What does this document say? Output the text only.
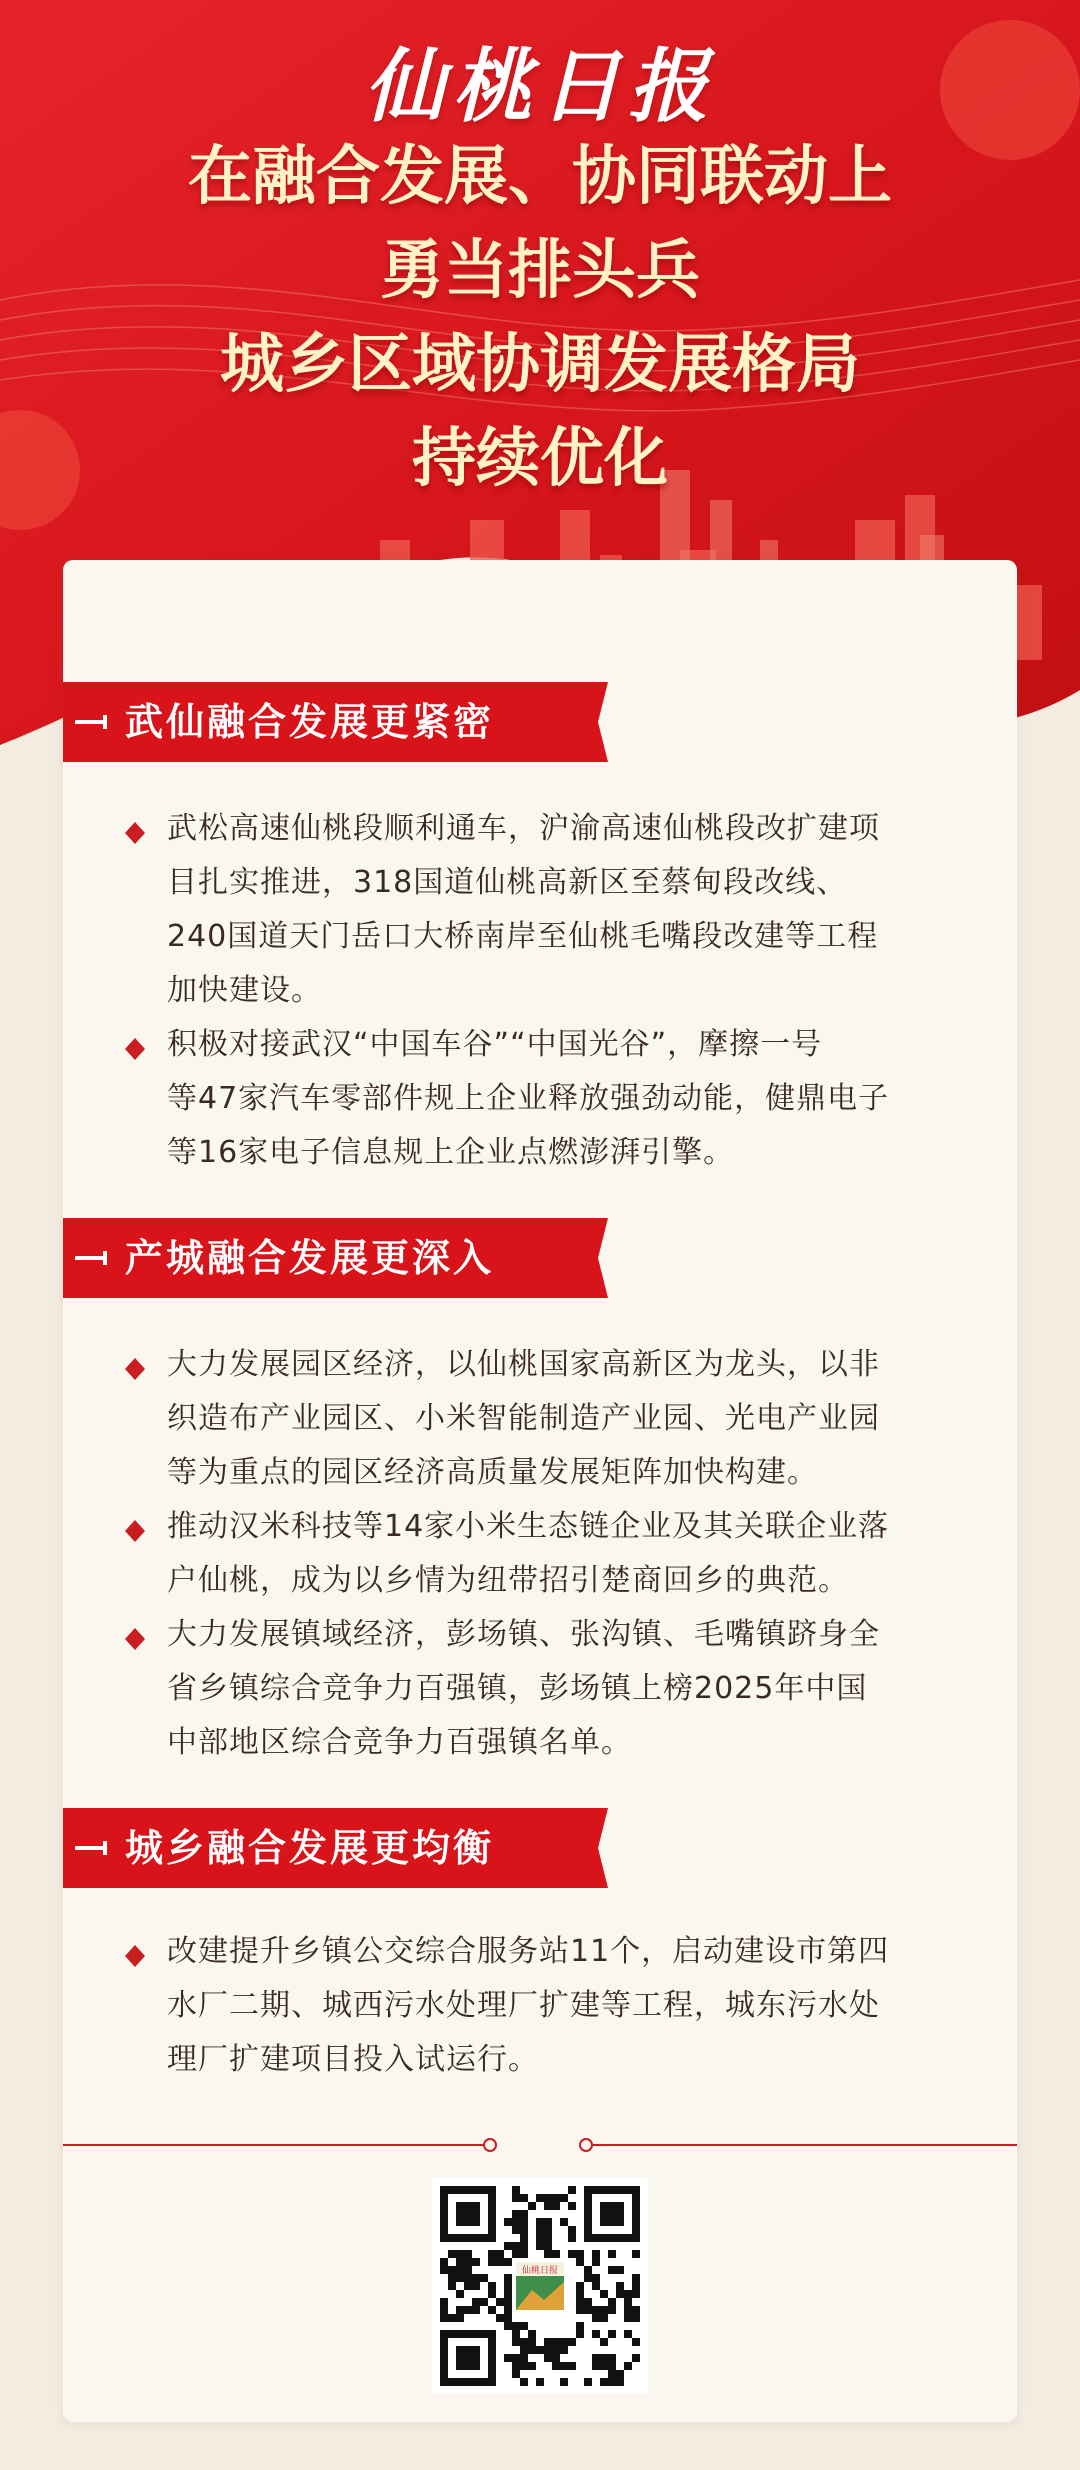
仙桃日报
在融合发展、协同联动上
勇当排头兵
城乡区域协调发展格局
持续优化
武仙融合发展更紧密
武松高速仙桃段顺利通车，沪渝高速仙桃段改扩建项
目扎实推进，318国道仙桃高新区至蔡甸段改线、
240国道天门岳口大桥南岸至仙桃毛嘴段改建等工程
加快建设。
积极对接武汉“中国车谷”“中国光谷”，摩擦一号
等47家汽车零部件规上企业释放强劲动能，健鼎电子
等16家电子信息规上企业点燃澎湃引擎。
产城融合发展更深入
大力发展园区经济，以仙桃国家高新区为龙头，以非
织造布产业园区、小米智能制造产业园、光电产业园
等为重点的园区经济高质量发展矩阵加快构建。
推动汉米科技等14家小米生态链企业及其关联企业落
户仙桃，成为以乡情为纽带招引楚商回乡的典范。
大力发展镇域经济，彭场镇、张沟镇、毛嘴镇跻身全
省乡镇综合竞争力百强镇，彭场镇上榜2025年中国
中部地区综合竞争力百强镇名单。
城乡融合发展更均衡
改建提升乡镇公交综合服务站11个，启动建设市第四
水厂二期、城西污水处理厂扩建等工程，城东污水处
理厂扩建项目投入试运行。
仙桃日报
